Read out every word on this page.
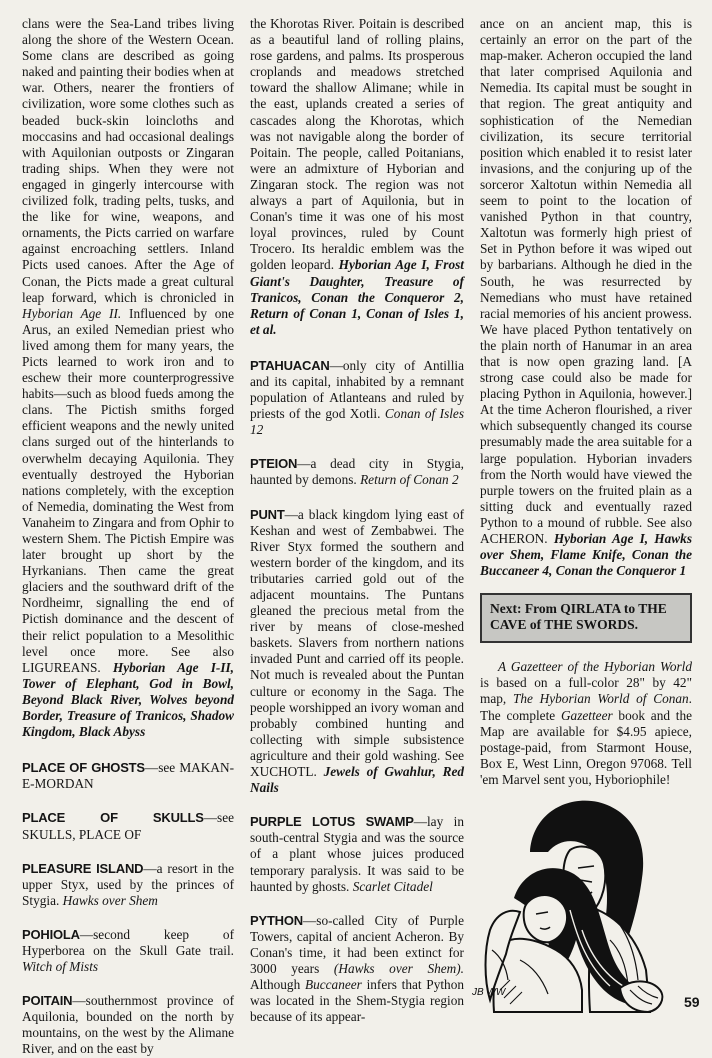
clans were the Sea-Land tribes living along the shore of the Western Ocean. Some clans are described as going naked and painting their bodies when at war. Others, nearer the frontiers of civilization, wore some clothes such as beaded buck-skin loincloths and moccasins and had occasional dealings with Aquilonian outposts or Zingaran trading ships. When they were not engaged in gingerly intercourse with civilized folk, trading pelts, tusks, and the like for wine, weapons, and ornaments, the Picts carried on warfare against encroaching settlers. Inland Picts used canoes. After the Age of Conan, the Picts made a great cultural leap forward, which is chronicled in Hyborian Age II. Influenced by one Arus, an exiled Nemedian priest who lived among them for many years, the Picts learned to work iron and to eschew their more counterprogressive habits—such as blood fueds among the clans. The Pictish smiths forged efficient weapons and the newly united clans surged out of the hinterlands to overwhelm decaying Aquilonia. They eventually destroyed the Hyborian nations completely, with the exception of Nemedia, dominating the West from Vanaheim to Zingara and from Ophir to western Shem. The Pictish Empire was later brought up short by the Hyrkanians. Then came the great glaciers and the southward drift of the Nordheimr, signalling the end of Pictish dominance and the descent of their relict population to a Mesolithic level once more. See also LIGUREANS. Hyborian Age I-II, Tower of Elephant, God in Bowl, Beyond Black River, Wolves beyond Border, Treasure of Tranicos, Shadow Kingdom, Black Abyss

PLACE OF GHOSTS—see MAKAN-E-MORDAN

PLACE OF SKULLS—see SKULLS, PLACE OF

PLEASURE ISLAND—a resort in the upper Styx, used by the princes of Stygia. Hawks over Shem

POHIOLA—second keep of Hyperborea on the Skull Gate trail. Witch of Mists

POITAIN—southernmost province of Aquilonia, bounded on the north by mountains, on the west by the Alimane River, and on the east by

the Khorotas River. Poitain is described as a beautiful land of rolling plains, rose gardens, and palms. Its prosperous croplands and meadows stretched toward the shallow Alimane; while in the east, uplands created a series of cascades along the Khorotas, which was not navigable along the border of Poitain. The people, called Poitanians, were an admixture of Hyborian and Zingaran stock. The region was not always a part of Aquilonia, but in Conan's time it was one of his most loyal provinces, ruled by Count Trocero. Its heraldic emblem was the golden leopard. Hyborian Age I, Frost Giant's Daughter, Treasure of Tranicos, Conan the Conqueror 2, Return of Conan 1, Conan of Isles 1, et al.

PTAHUACAN—only city of Antillia and its capital, inhabited by a remnant population of Atlanteans and ruled by priests of the god Xotli. Conan of Isles 12

PTEION—a dead city in Stygia, haunted by demons. Return of Conan 2

PUNT—a black kingdom lying east of Keshan and west of Zembabwei. The River Styx formed the southern and western border of the kingdom, and its tributaries carried gold out of the adjacent mountains. The Puntans gleaned the precious metal from the river by means of close-meshed baskets. Slavers from northern nations invaded Punt and carried off its people. Not much is revealed about the Puntan culture or economy in the Saga. The people worshipped an ivory woman and probably combined hunting and collecting with simple subsistence agriculture and their gold washing. See XUCHOTL. Jewels of Gwahlur, Red Nails

PURPLE LOTUS SWAMP—lay in south-central Stygia and was the source of a plant whose juices produced temporary paralysis. It was said to be haunted by ghosts. Scarlet Citadel

PYTHON—so-called City of Purple Towers, capital of ancient Acheron. By Conan's time, it had been extinct for 3000 years (Hawks over Shem). Although Buccaneer infers that Python was located in the Shem-Stygia region because of its appear-

ance on an ancient map, this is certainly an error on the part of the map-maker. Acheron occupied the land that later comprised Aquilonia and Nemedia. Its capital must be sought in that region. The great antiquity and sophistication of the Nemedian civilization, its secure territorial position which enabled it to resist later invasions, and the conjuring up of the sorceror Xaltotun within Nemedia all seem to point to the location of vanished Python in that country, Xaltotun was formerly high priest of Set in Python before it was wiped out by barbarians. Although he died in the South, he was resurrected by Nemedians who must have retained racial memories of his ancient prowess. We have placed Python tentatively on the plain north of Hanumar in an area that is now open grazing land. [A strong case could also be made for placing Python in Aquilonia, however.] At the time Acheron flourished, a river which subsequently changed its course presumably made the area suitable for a large population. Hyborian invaders from the North would have viewed the purple towers on the fruited plain as a sitting duck and eventually razed Python to a mound of rubble. See also ACHERON. Hyborian Age I, Hawks over Shem, Flame Knife, Conan the Buccaneer 4, Conan the Conqueror 1

Next: From QIRLATA to THE CAVE of THE SWORDS.

A Gazetteer of the Hyborian World is based on a full-color 28" by 42" map, The Hyborian World of Conan. The complete Gazetteer book and the Map are available for $4.95 apiece, postage-paid, from Starmont House, Box E, West Linn, Oregon 97068. Tell 'em Marvel sent you, Hyboriophile!

JB WW
59
